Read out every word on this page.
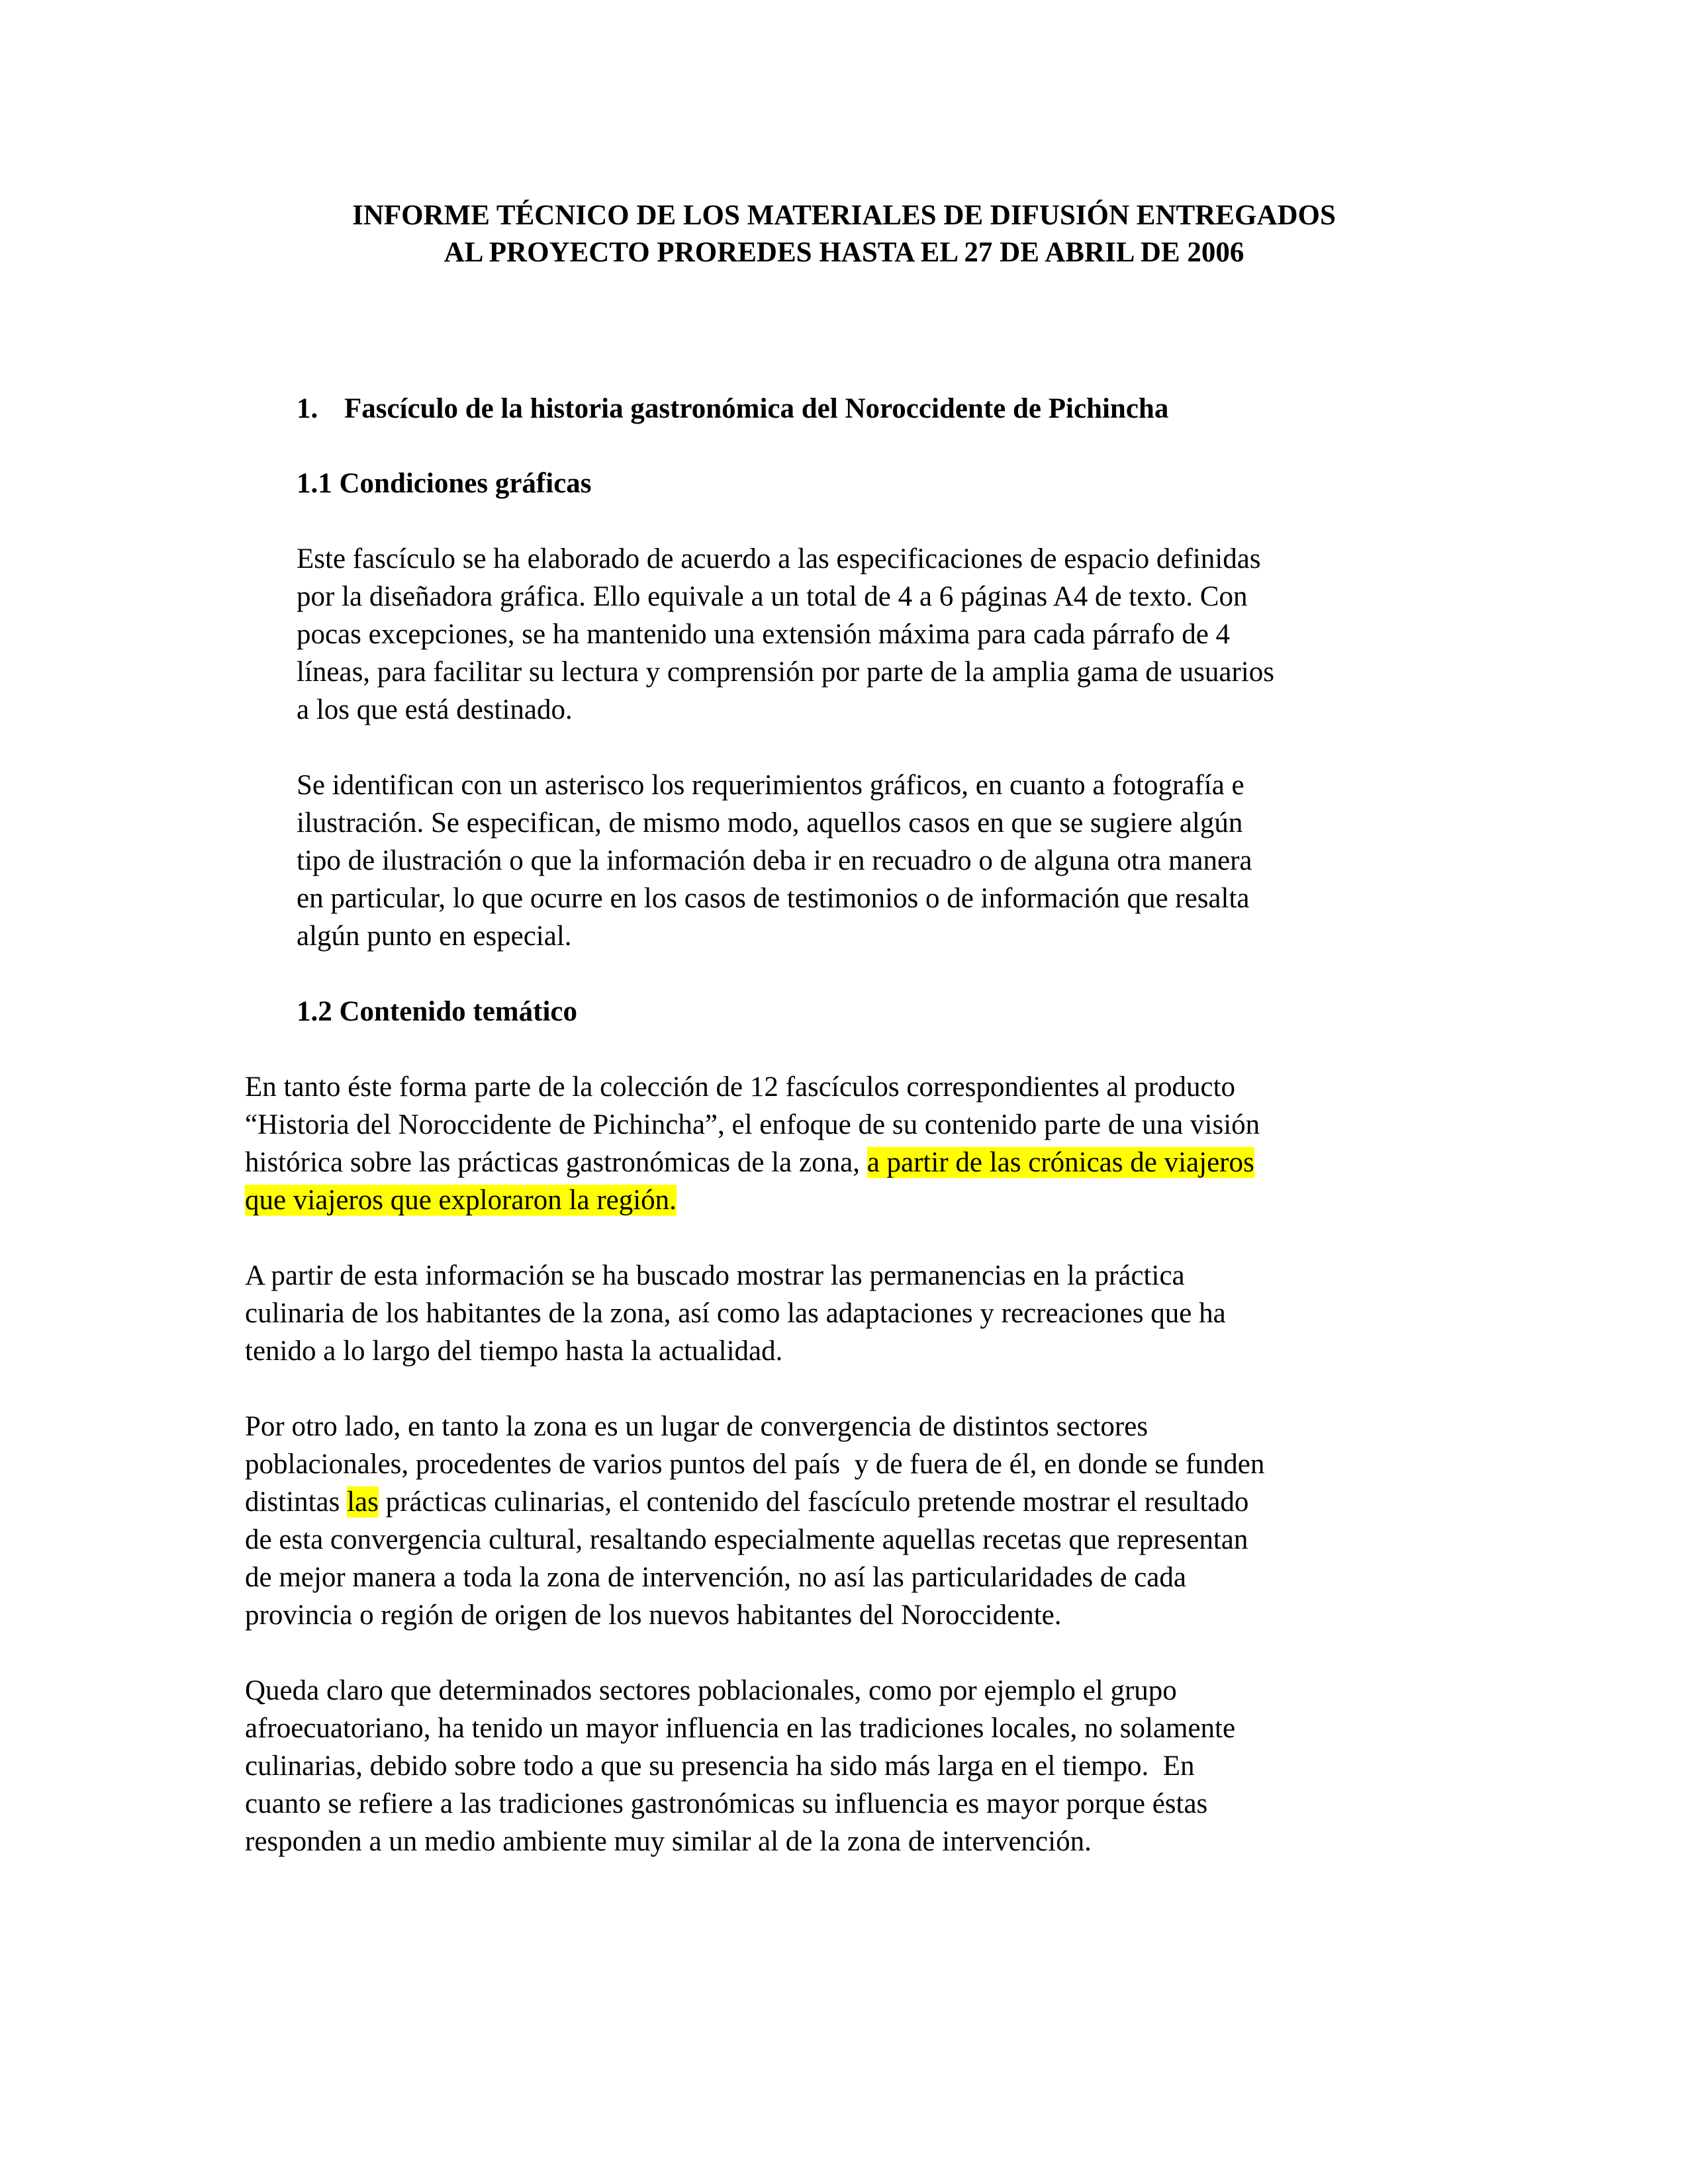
INFORME TÉCNICO DE LOS MATERIALES DE DIFUSIÓN ENTREGADOS
AL PROYECTO PROREDES HASTA EL 27 DE ABRIL DE 2006
1. Fascículo de la historia gastronómica del Noroccidente de Pichincha
1.1 Condiciones gráficas
Este fascículo se ha elaborado de acuerdo a las especificaciones de espacio definidas
por la diseñadora gráfica. Ello equivale a un total de 4 a 6 páginas A4 de texto. Con
pocas excepciones, se ha mantenido una extensión máxima para cada párrafo de 4
líneas, para facilitar su lectura y comprensión por parte de la amplia gama de usuarios
a los que está destinado.
Se identifican con un asterisco los requerimientos gráficos, en cuanto a fotografía e
ilustración. Se especifican, de mismo modo, aquellos casos en que se sugiere algún
tipo de ilustración o que la información deba ir en recuadro o de alguna otra manera
en particular, lo que ocurre en los casos de testimonios o de información que resalta
algún punto en especial.
1.2 Contenido temático
En tanto éste forma parte de la colección de 12 fascículos correspondientes al producto
“Historia del Noroccidente de Pichincha”, el enfoque de su contenido parte de una visión
histórica sobre las prácticas gastronómicas de la zona, a partir de las crónicas de viajeros
que viajeros que exploraron la región.
A partir de esta información se ha buscado mostrar las permanencias en la práctica
culinaria de los habitantes de la zona, así como las adaptaciones y recreaciones que ha
tenido a lo largo del tiempo hasta la actualidad.
Por otro lado, en tanto la zona es un lugar de convergencia de distintos sectores
poblacionales, procedentes de varios puntos del país  y de fuera de él, en donde se funden
distintas las prácticas culinarias, el contenido del fascículo pretende mostrar el resultado
de esta convergencia cultural, resaltando especialmente aquellas recetas que representan
de mejor manera a toda la zona de intervención, no así las particularidades de cada
provincia o región de origen de los nuevos habitantes del Noroccidente.
Queda claro que determinados sectores poblacionales, como por ejemplo el grupo
afroecuatoriano, ha tenido un mayor influencia en las tradiciones locales, no solamente
culinarias, debido sobre todo a que su presencia ha sido más larga en el tiempo.  En
cuanto se refiere a las tradiciones gastronómicas su influencia es mayor porque éstas
responden a un medio ambiente muy similar al de la zona de intervención.
